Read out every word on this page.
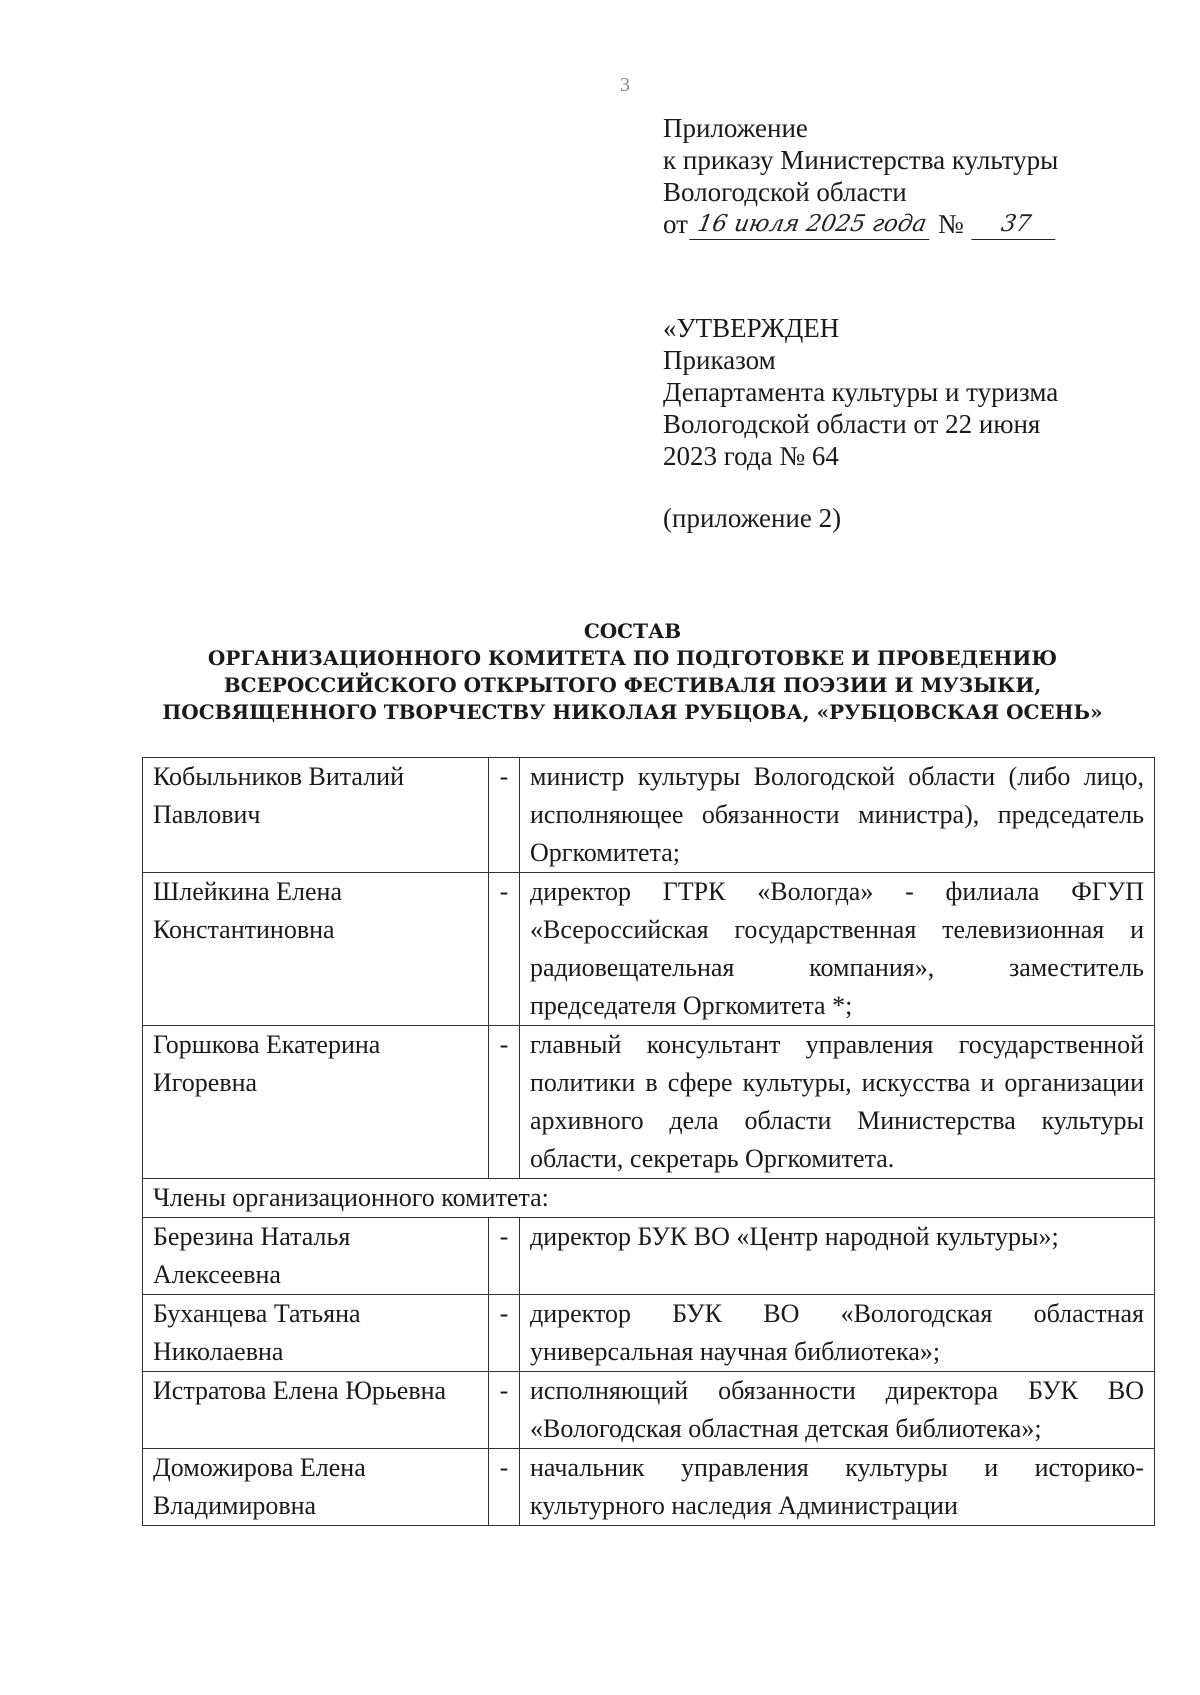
3
Приложение
к приказу Министерства культуры
Вологодской области
от 16 июля 2025 года №	37
«УТВЕРЖДЕН
Приказом
Департамента культуры и туризма
Вологодской области от 22 июня
2023 года № 64
(приложение 2)
СОСТАВ
ОРГАНИЗАЦИОННОГО КОМИТЕТА ПО ПОДГОТОВКЕ И ПРОВЕДЕНИЮ
ВСЕРОССИЙСКОГО ОТКРЫТОГО ФЕСТИВАЛЯ ПОЭЗИИ И МУЗЫКИ,
ПОСВЯЩЕННОГО ТВОРЧЕСТВУ НИКОЛАЯ РУБЦОВА, «РУБЦОВСКАЯ ОСЕНЬ»
Кобыльников Виталий Павлович	-	министр культуры Вологодской области (либо лицо, исполняющее обязанности министра), председатель Оргкомитета;
Шлейкина Елена Константиновна	-	директор ГТРК «Вологда» - филиала ФГУП «Всероссийская государственная телевизионная и радиовещательная компания», заместитель председателя Оргкомитета *;
Горшкова Екатерина Игоревна	-	главный консультант управления государственной политики в сфере культуры, искусства и организации архивного дела области Министерства культуры области, секретарь Оргкомитета.
Члены организационного комитета:		
Березина Наталья Алексеевна	-	директор БУК ВО «Центр народной культуры»;
Буханцева Татьяна Николаевна	-	директор БУК ВО «Вологодская областная универсальная научная библиотека»;
Истратова Елена Юрьевна	-	исполняющий обязанности директора БУК ВО «Вологодская областная детская библиотека»;
Доможирова Елена Владимировна	-	начальник управления культуры и историко-культурного наследия Администрации
